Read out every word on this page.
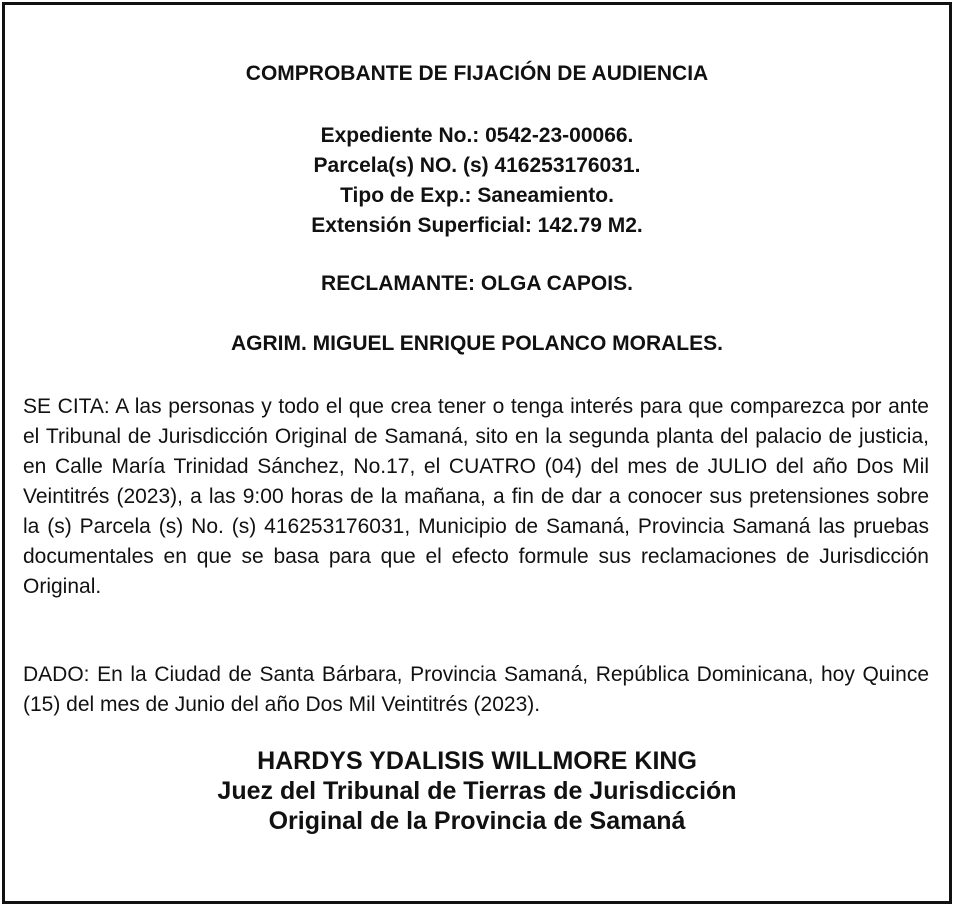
COMPROBANTE DE FIJACIÓN DE AUDIENCIA
Expediente No.: 0542-23-00066.
Parcela(s) NO. (s) 416253176031.
Tipo de Exp.: Saneamiento.
Extensión Superficial: 142.79 M2.
RECLAMANTE: OLGA CAPOIS.
AGRIM. MIGUEL ENRIQUE POLANCO MORALES.

SE CITA: A las personas y todo el que crea tener o tenga interés para que comparezca por ante el Tribunal de Jurisdicción Original de Samaná, sito en la segunda planta del palacio de justicia, en Calle María Trinidad Sánchez, No.17, el CUATRO (04) del mes de JULIO del año Dos Mil Veintitrés (2023), a las 9:00 horas de la mañana, a fin de dar a conocer sus pretensiones sobre la (s) Parcela (s) No. (s) 416253176031, Municipio de Samaná, Provincia Samaná las pruebas documentales en que se basa para que el efecto formule sus reclamaciones de Jurisdicción Original.

DADO: En la Ciudad de Santa Bárbara, Provincia Samaná, República Dominicana, hoy Quince (15) del mes de Junio del año Dos Mil Veintitrés (2023).

HARDYS YDALISIS WILLMORE KING
Juez del Tribunal de Tierras de Jurisdicción
Original de la Provincia de Samaná
